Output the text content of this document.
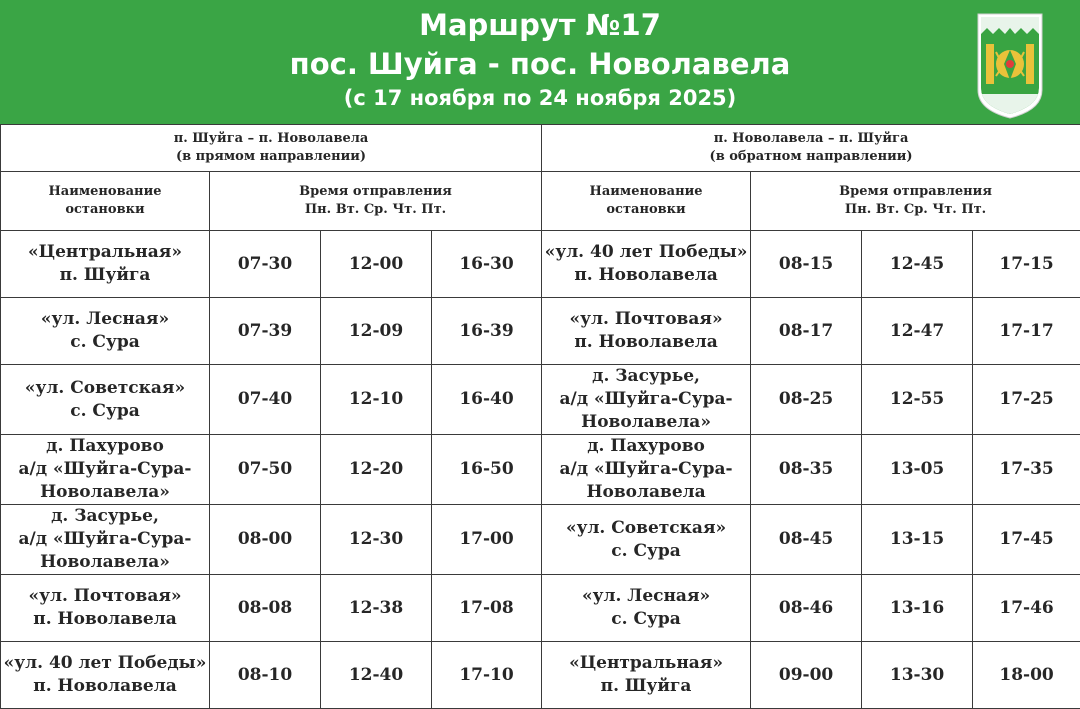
Маршрут №17
пос. Шуйга - пос. Новолавела
(с 17 ноября по 24 ноября 2025)
п. Шуйга – п. Новолавела
(в прямом направлении)				п. Новолавела – п. Шуйга
(в обратном направлении)			

Наименование
остановки	Время отправления
Пн. Вт. Ср. Чт. Пт.			Наименование
остановки	Время отправления
Пн. Вт. Ср. Чт. Пт.		

«Центральная»
п. Шуйга	07-30	12-00	16-30	«ул. 40 лет Победы»
п. Новолавела	08-15	12-45	17-15

«ул. Лесная»
с. Сура	07-39	12-09	16-39	«ул. Почтовая»
п. Новолавела	08-17	12-47	17-17

«ул. Советская»
с. Сура	07-40	12-10	16-40	д. Засурье,
а/д «Шуйга-Сура-
Новолавела»	08-25	12-55	17-25

д. Пахурово
а/д «Шуйга-Сура-
Новолавела»	07-50	12-20	16-50	д. Пахурово
а/д «Шуйга-Сура-
Новолавела	08-35	13-05	17-35

д. Засурье,
а/д «Шуйга-Сура-
Новолавела»	08-00	12-30	17-00	«ул. Советская»
с. Сура	08-45	13-15	17-45

«ул. Почтовая»
п. Новолавела	08-08	12-38	17-08	«ул. Лесная»
с. Сура	08-46	13-16	17-46

«ул. 40 лет Победы»
п. Новолавела	08-10	12-40	17-10	«Центральная»
п. Шуйга	09-00	13-30	18-00
